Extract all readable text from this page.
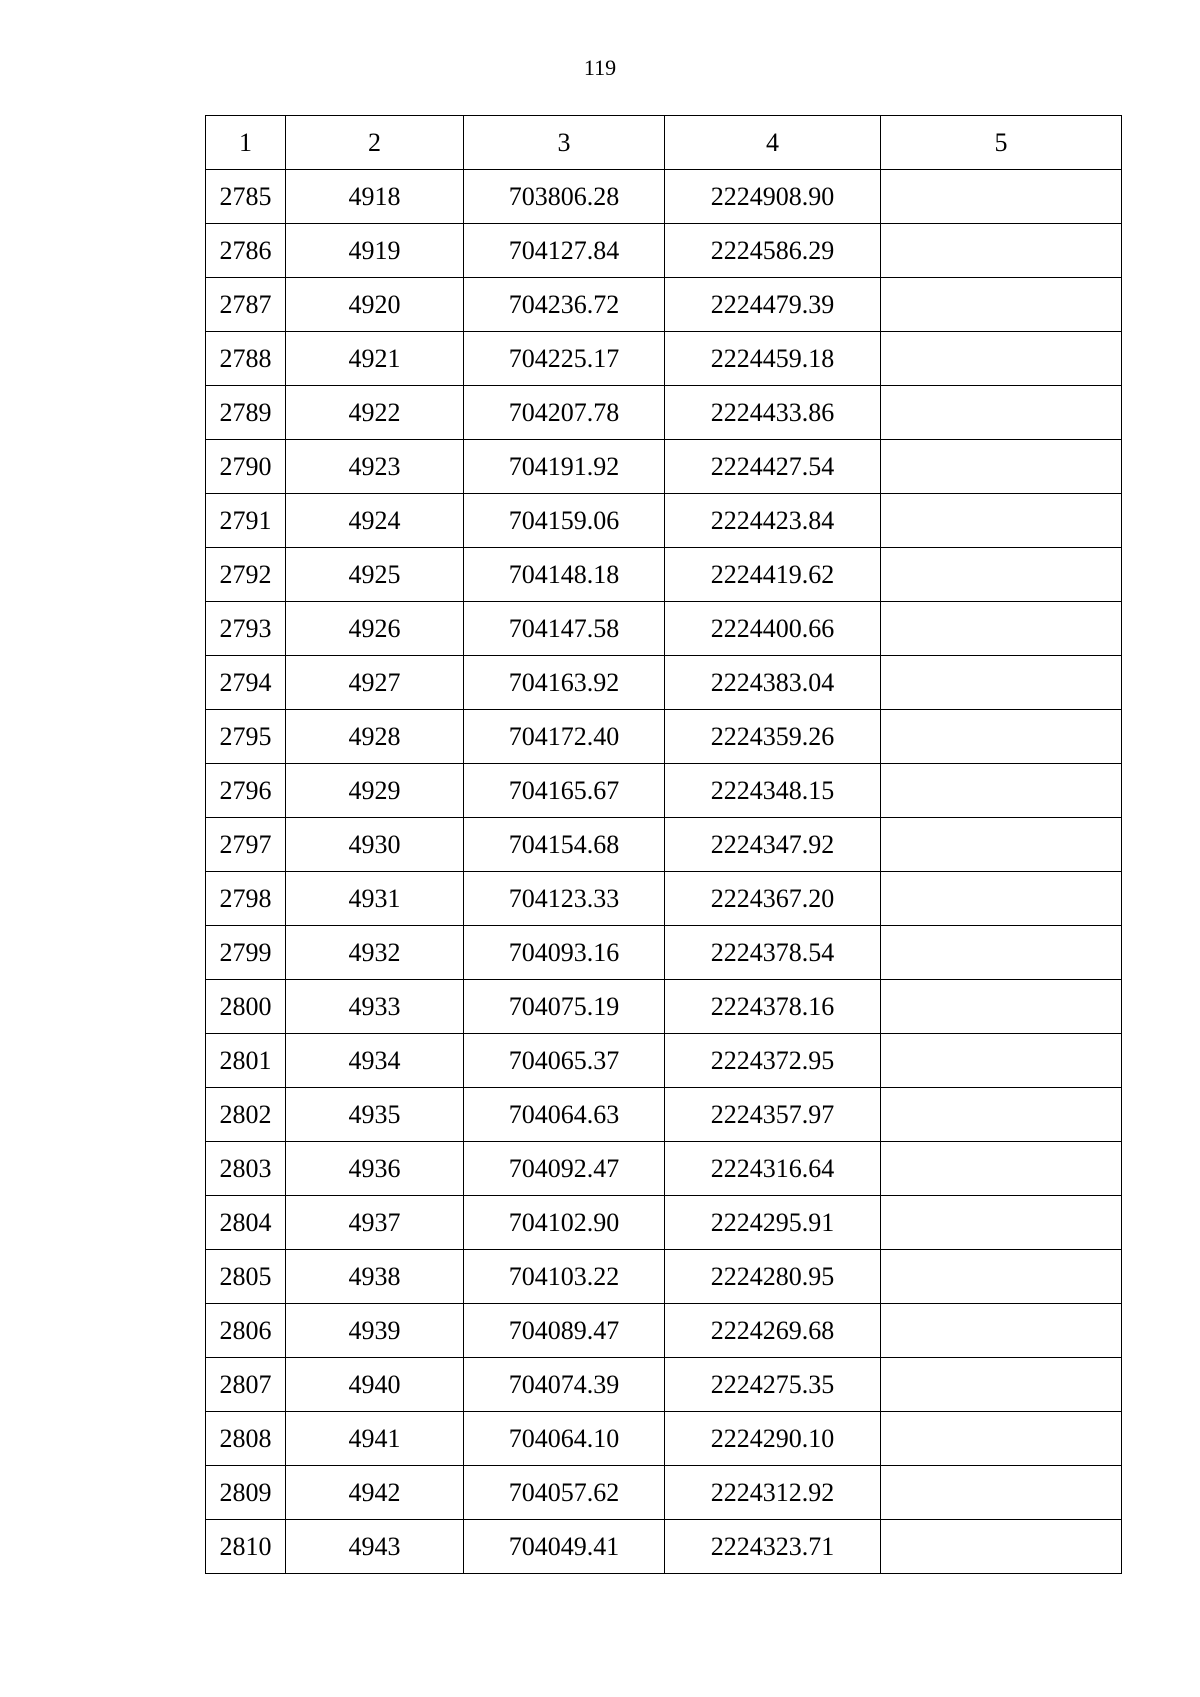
119
1	2	3	4	5
2785	4918	703806.28	2224908.90	
2786	4919	704127.84	2224586.29	
2787	4920	704236.72	2224479.39	
2788	4921	704225.17	2224459.18	
2789	4922	704207.78	2224433.86	
2790	4923	704191.92	2224427.54	
2791	4924	704159.06	2224423.84	
2792	4925	704148.18	2224419.62	
2793	4926	704147.58	2224400.66	
2794	4927	704163.92	2224383.04	
2795	4928	704172.40	2224359.26	
2796	4929	704165.67	2224348.15	
2797	4930	704154.68	2224347.92	
2798	4931	704123.33	2224367.20	
2799	4932	704093.16	2224378.54	
2800	4933	704075.19	2224378.16	
2801	4934	704065.37	2224372.95	
2802	4935	704064.63	2224357.97	
2803	4936	704092.47	2224316.64	
2804	4937	704102.90	2224295.91	
2805	4938	704103.22	2224280.95	
2806	4939	704089.47	2224269.68	
2807	4940	704074.39	2224275.35	
2808	4941	704064.10	2224290.10	
2809	4942	704057.62	2224312.92	
2810	4943	704049.41	2224323.71	
